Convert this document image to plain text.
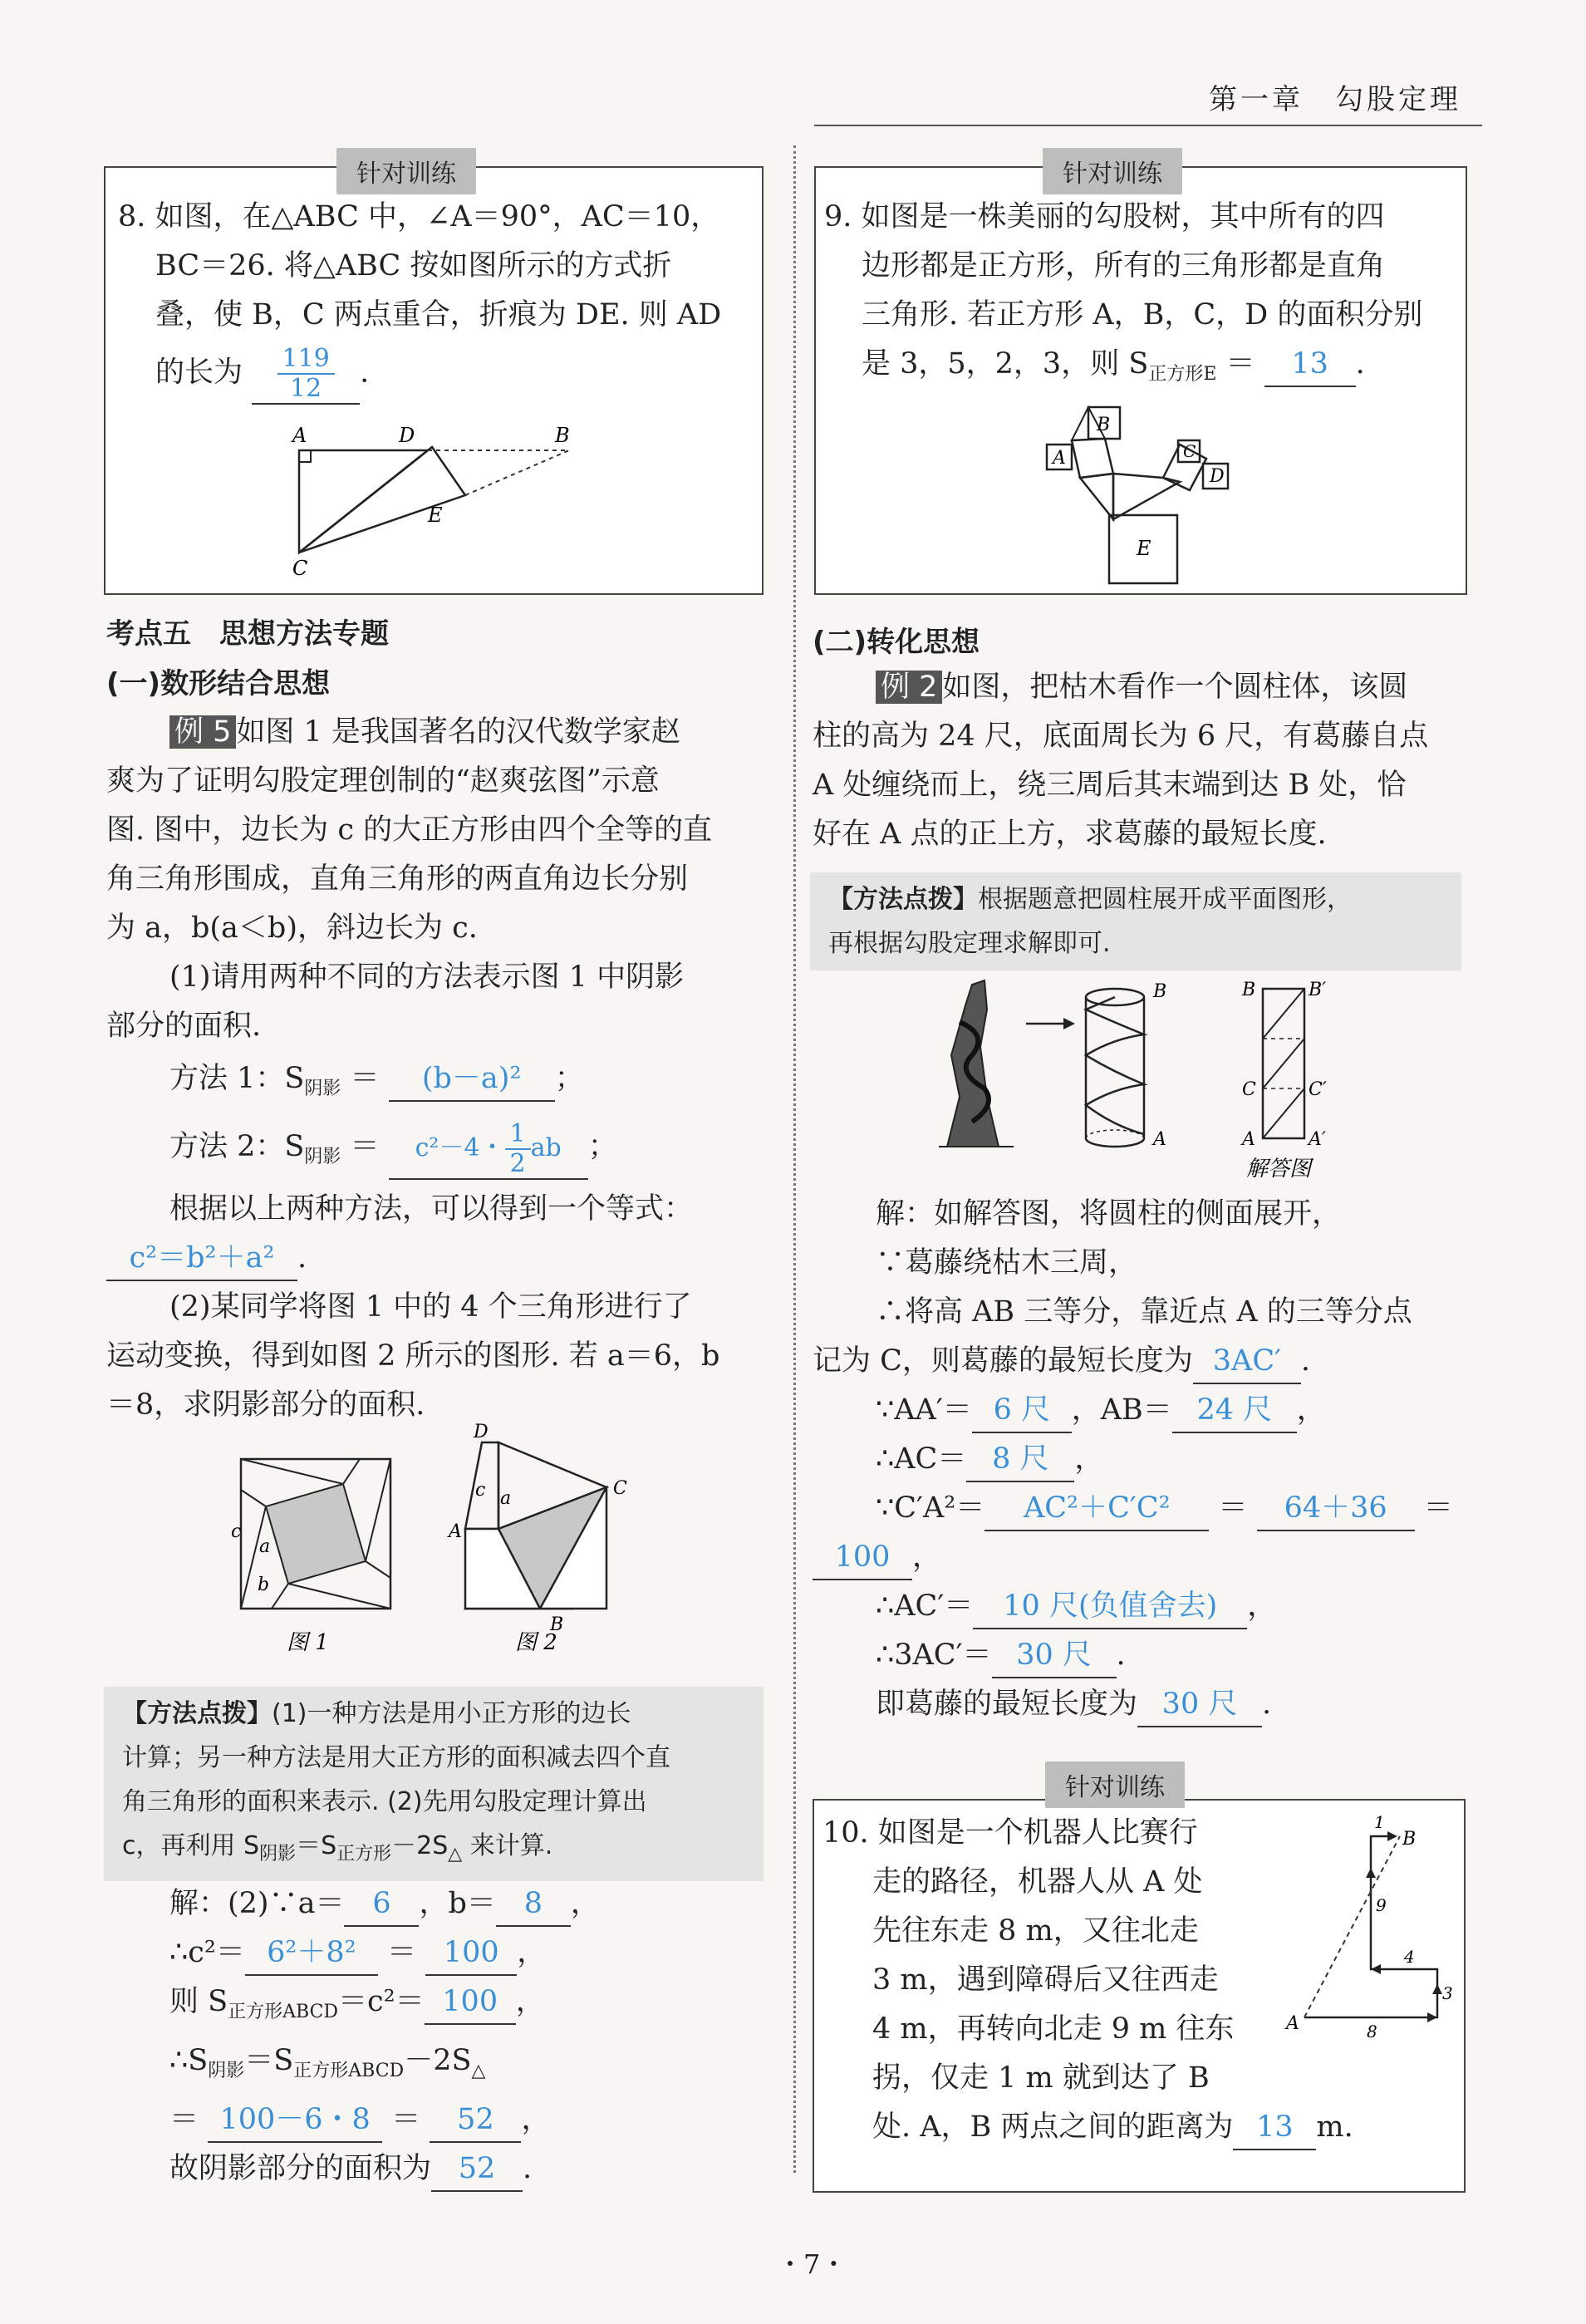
第一章　 勾股定理
针对训练
8. 如图，在△ABC 中，∠A＝90°，AC＝10，
BC＝26. 将△ABC 按如图所示的方式折
叠，使 B，C 两点重合，折痕为 DE. 则 AD
的长为 $\frac{119}{12}$ .
A	D	B
E
C
针对训练
9. 如图是一株美丽的勾股树，其中所有的四
边形都是正方形，所有的三角形都是直角
三角形. 若正方形 A，B，C，D 的面积分别
是 3，5，2，3，则 $S_{正方形E} = 13$ .
B
A	C
D
E
考点五　思想方法专题
(一)数形结合思想
例 5 如图 1 是我国著名的汉代数学家赵
爽为了证明勾股定理创制的“赵爽弦图”示意
图. 图中，边长为 c 的大正方形由四个全等的直
角三角形围成，直角三角形的两直角边长分别
为 a，b(a＜b)，斜边长为 c.
(1)请用两种不同的方法表示图 1 中阴影
部分的面积.
方法 1：$S_{阴影} = (b-a)^2$ ；
方法 2：$S_{阴影} = c^2-4$・ $\frac{1}{2}$ ab ；
根据以上两种方法，可以得到一个等式：
c²＝b²＋a² .
(2)某同学将图 1 中的 4 个三角形进行了
运动变换，得到如图 2 所示的图形. 若 a＝6，b
＝8，求阴影部分的面积.
c
a
b
图 1
D
c a
A
C
B
图 2
【方法点拨】(1)一种方法是用小正方形的边长
计算；另一种方法是用大正方形的面积减去四个直
角三角形的面积来表示. (2)先用勾股定理计算出
c，再利用 $S_{阴影}=S_{正方形}-2S_\triangle$ 来计算.
解：(2)∵a＝ 6 ，b＝ 8 ，
∴c²＝ 6²＋8² ＝ 100 ，
则 $S_{正方形ABCD}=c^2= 100$ ，
$\therefore S_{阴影}=S_{正方形ABCD}-2S_\triangle$
＝ 100－6・8 ＝ 52 ，
故阴影部分的面积为 52 .
(二)转化思想
例 2 如图，把枯木看作一个圆柱体，该圆
柱的高为 24 尺，底面周长为 6 尺，有葛藤自点
A 处缠绕而上，绕三周后其末端到达 B 处，恰
好在 A 点的正上方，求葛藤的最短长度.
【方法点拨】根据题意把圆柱展开成平面图形，
再根据勾股定理求解即可.
B
A
B	B′
C	C′
A	A′
解答图
解：如解答图，将圆柱的侧面展开，
∵葛藤绕枯木三周，
∴将高 AB 三等分，靠近点 A 的三等分点
记为 C，则葛藤的最短长度为 3AC′ .
∵AA′＝ 6 尺 ，AB＝ 24 尺 ，
∴AC＝ 8 尺 ，
∵C′A²＝ AC²＋C′C² ＝ 64＋36 ＝
100 ，
∴AC′＝ 10 尺(负值舍去) ，
∴3AC′＝ 30 尺 .
即葛藤的最短长度为 30 尺 .
针对训练
10. 如图是一个机器人比赛行
走的路径，机器人从 A 处
先往东走 8 m，又往北走
3 m，遇到障碍后又往西走
4 m，再转向北走 9 m 往东
拐，仅走 1 m 就到达了 B
处. A，B 两点之间的距离为 13 m.
A
B
1
9
4
3
8
・7・
